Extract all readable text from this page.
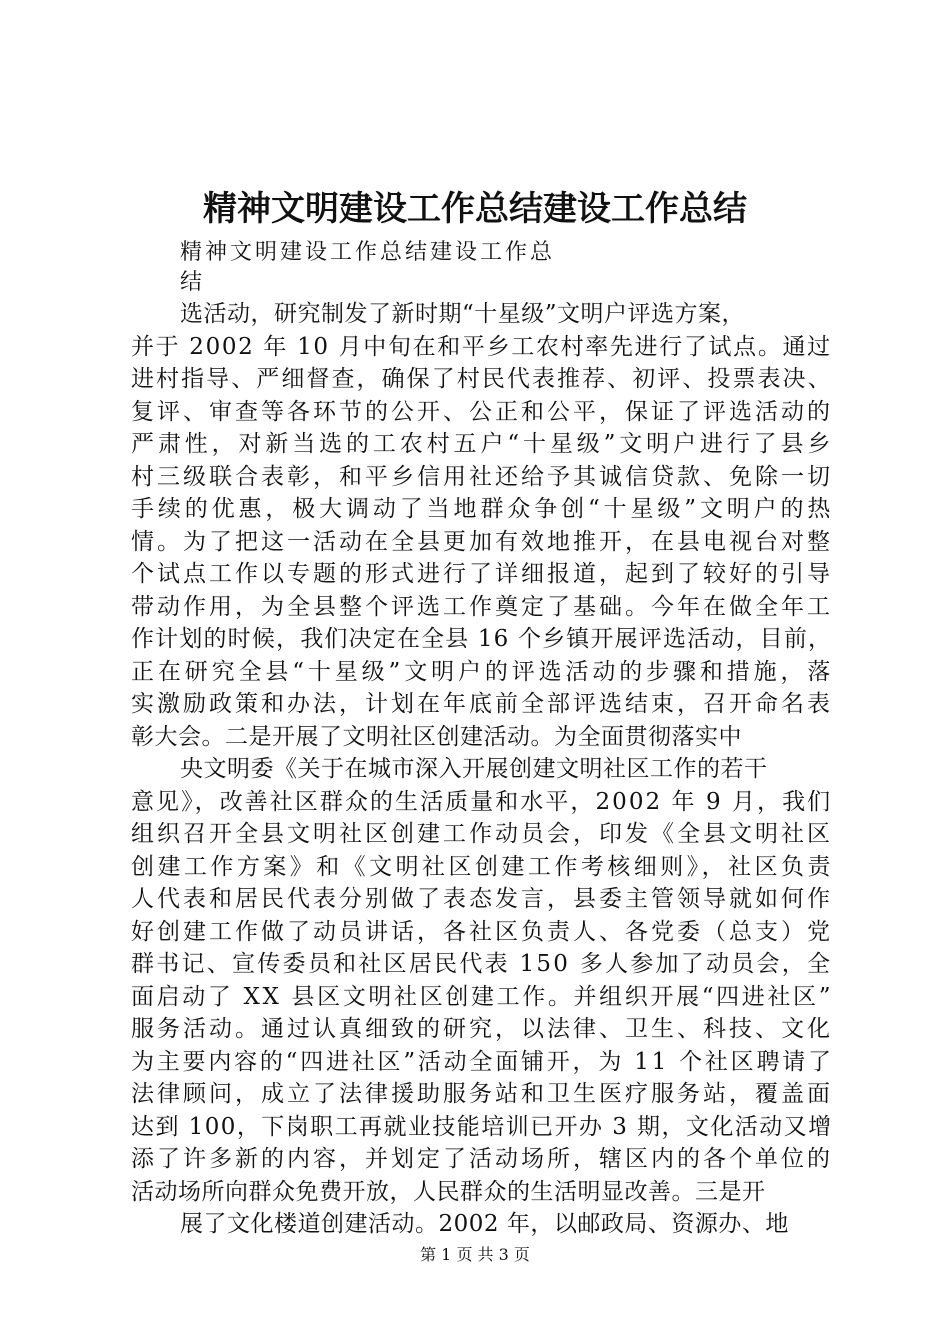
精神文明建设工作总结建设工作总结
精神文明建设工作总结建设工作总
结
选活动，研究制发了新时期“十星级”文明户评选方案，
并于 2002 年 10 月中旬在和平乡工农村率先进行了试点。通过
进村指导、严细督查，确保了村民代表推荐、初评、投票表决、
复评、审查等各环节的公开、公正和公平，保证了评选活动的
严肃性，对新当选的工农村五户“十星级”文明户进行了县乡
村三级联合表彰，和平乡信用社还给予其诚信贷款、免除一切
手续的优惠，极大调动了当地群众争创“十星级”文明户的热
情。为了把这一活动在全县更加有效地推开，在县电视台对整
个试点工作以专题的形式进行了详细报道，起到了较好的引导
带动作用，为全县整个评选工作奠定了基础。今年在做全年工
作计划的时候，我们决定在全县 16 个乡镇开展评选活动，目前，
正在研究全县“十星级”文明户的评选活动的步骤和措施，落
实激励政策和办法，计划在年底前全部评选结束，召开命名表
彰大会。二是开展了文明社区创建活动。为全面贯彻落实中
央文明委《关于在城市深入开展创建文明社区工作的若干
意见》，改善社区群众的生活质量和水平，2002 年 9 月，我们
组织召开全县文明社区创建工作动员会，印发《全县文明社区
创建工作方案》和《文明社区创建工作考核细则》，社区负责
人代表和居民代表分别做了表态发言，县委主管领导就如何作
好创建工作做了动员讲话，各社区负责人、各党委（总支）党
群书记、宣传委员和社区居民代表 150 多人参加了动员会，全
面启动了 XX 县区文明社区创建工作。并组织开展“四进社区”
服务活动。通过认真细致的研究，以法律、卫生、科技、文化
为主要内容的“四进社区”活动全面铺开，为 11 个社区聘请了
法律顾问，成立了法律援助服务站和卫生医疗服务站，覆盖面
达到 100，下岗职工再就业技能培训已开办 3 期，文化活动又增
添了许多新的内容，并划定了活动场所，辖区内的各个单位的
活动场所向群众免费开放，人民群众的生活明显改善。三是开
展了文化楼道创建活动。2002 年，以邮政局、资源办、地
第 1 页 共 3 页
